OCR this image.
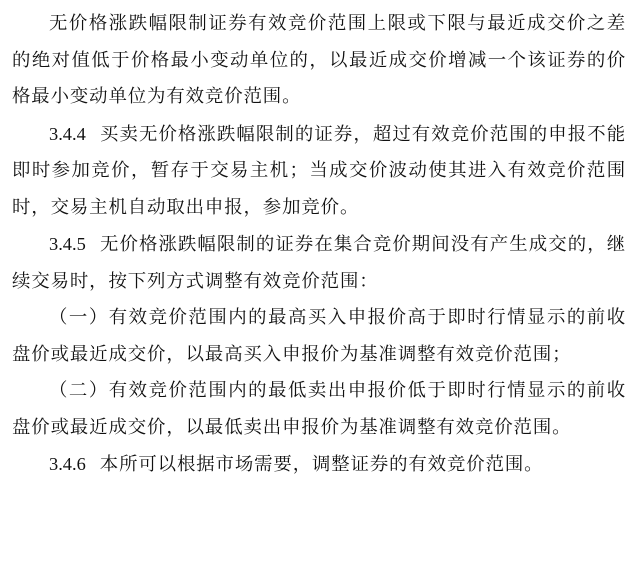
无价格涨跌幅限制证券有效竞价范围上限或下限与最近成交价之差的绝对值低于价格最小变动单位的，以最近成交价增减一个该证券的价格最小变动单位为有效竞价范围。

3.4.4 买卖无价格涨跌幅限制的证券，超过有效竞价范围的申报不能即时参加竞价，暂存于交易主机；当成交价波动使其进入有效竞价范围时，交易主机自动取出申报，参加竞价。

3.4.5 无价格涨跌幅限制的证券在集合竞价期间没有产生成交的，继续交易时，按下列方式调整有效竞价范围：

（一）有效竞价范围内的最高买入申报价高于即时行情显示的前收盘价或最近成交价，以最高买入申报价为基准调整有效竞价范围；

（二）有效竞价范围内的最低卖出申报价低于即时行情显示的前收盘价或最近成交价，以最低卖出申报价为基准调整有效竞价范围。

3.4.6 本所可以根据市场需要，调整证券的有效竞价范围。
